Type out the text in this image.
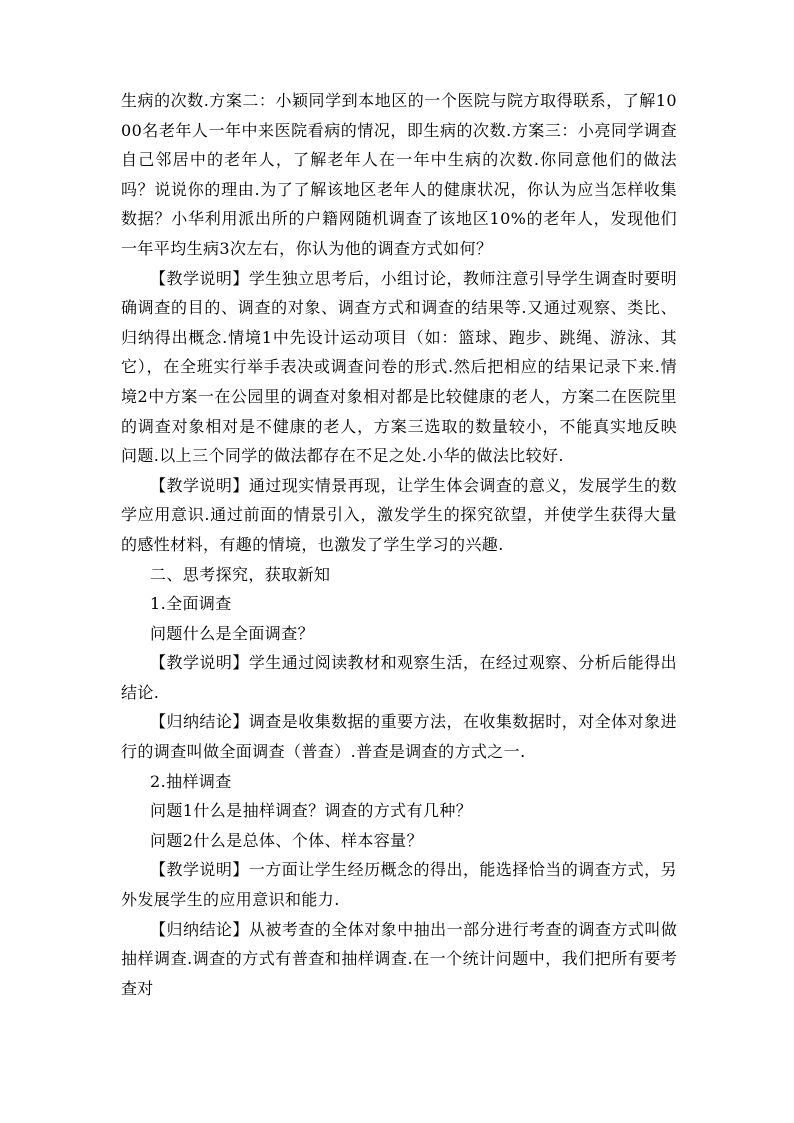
生病的次数.方案二：小颖同学到本地区的一个医院与院方取得联系，了解1000名老年人一年中来医院看病的情况，即生病的次数.方案三：小亮同学调查自己邻居中的老年人，了解老年人在一年中生病的次数.你同意他们的做法吗？说说你的理由.为了了解该地区老年人的健康状况，你认为应当怎样收集数据？小华利用派出所的户籍网随机调查了该地区10%的老年人，发现他们一年平均生病3次左右，你认为他的调查方式如何？

【教学说明】学生独立思考后，小组讨论，教师注意引导学生调查时要明确调查的目的、调查的对象、调查方式和调查的结果等.又通过观察、类比、归纳得出概念.情境1中先设计运动项目（如：篮球、跑步、跳绳、游泳、其它），在全班实行举手表决或调查问卷的形式.然后把相应的结果记录下来.情境2中方案一在公园里的调查对象相对都是比较健康的老人，方案二在医院里的调查对象相对是不健康的老人，方案三选取的数量较小，不能真实地反映问题.以上三个同学的做法都存在不足之处.小华的做法比较好.

【教学说明】通过现实情景再现，让学生体会调查的意义，发展学生的数学应用意识.通过前面的情景引入，激发学生的探究欲望，并使学生获得大量的感性材料，有趣的情境，也激发了学生学习的兴趣.

二、思考探究，获取新知

1.全面调查

问题什么是全面调查？

【教学说明】学生通过阅读教材和观察生活，在经过观察、分析后能得出结论.

【归纳结论】调查是收集数据的重要方法，在收集数据时，对全体对象进行的调查叫做全面调查（普查）.普查是调查的方式之一.

2.抽样调查

问题1什么是抽样调查？调查的方式有几种？

问题2什么是总体、个体、样本容量？

【教学说明】一方面让学生经历概念的得出，能选择恰当的调查方式，另外发展学生的应用意识和能力.

【归纳结论】从被考查的全体对象中抽出一部分进行考查的调查方式叫做抽样调查.调查的方式有普查和抽样调查.在一个统计问题中，我们把所有要考查对
